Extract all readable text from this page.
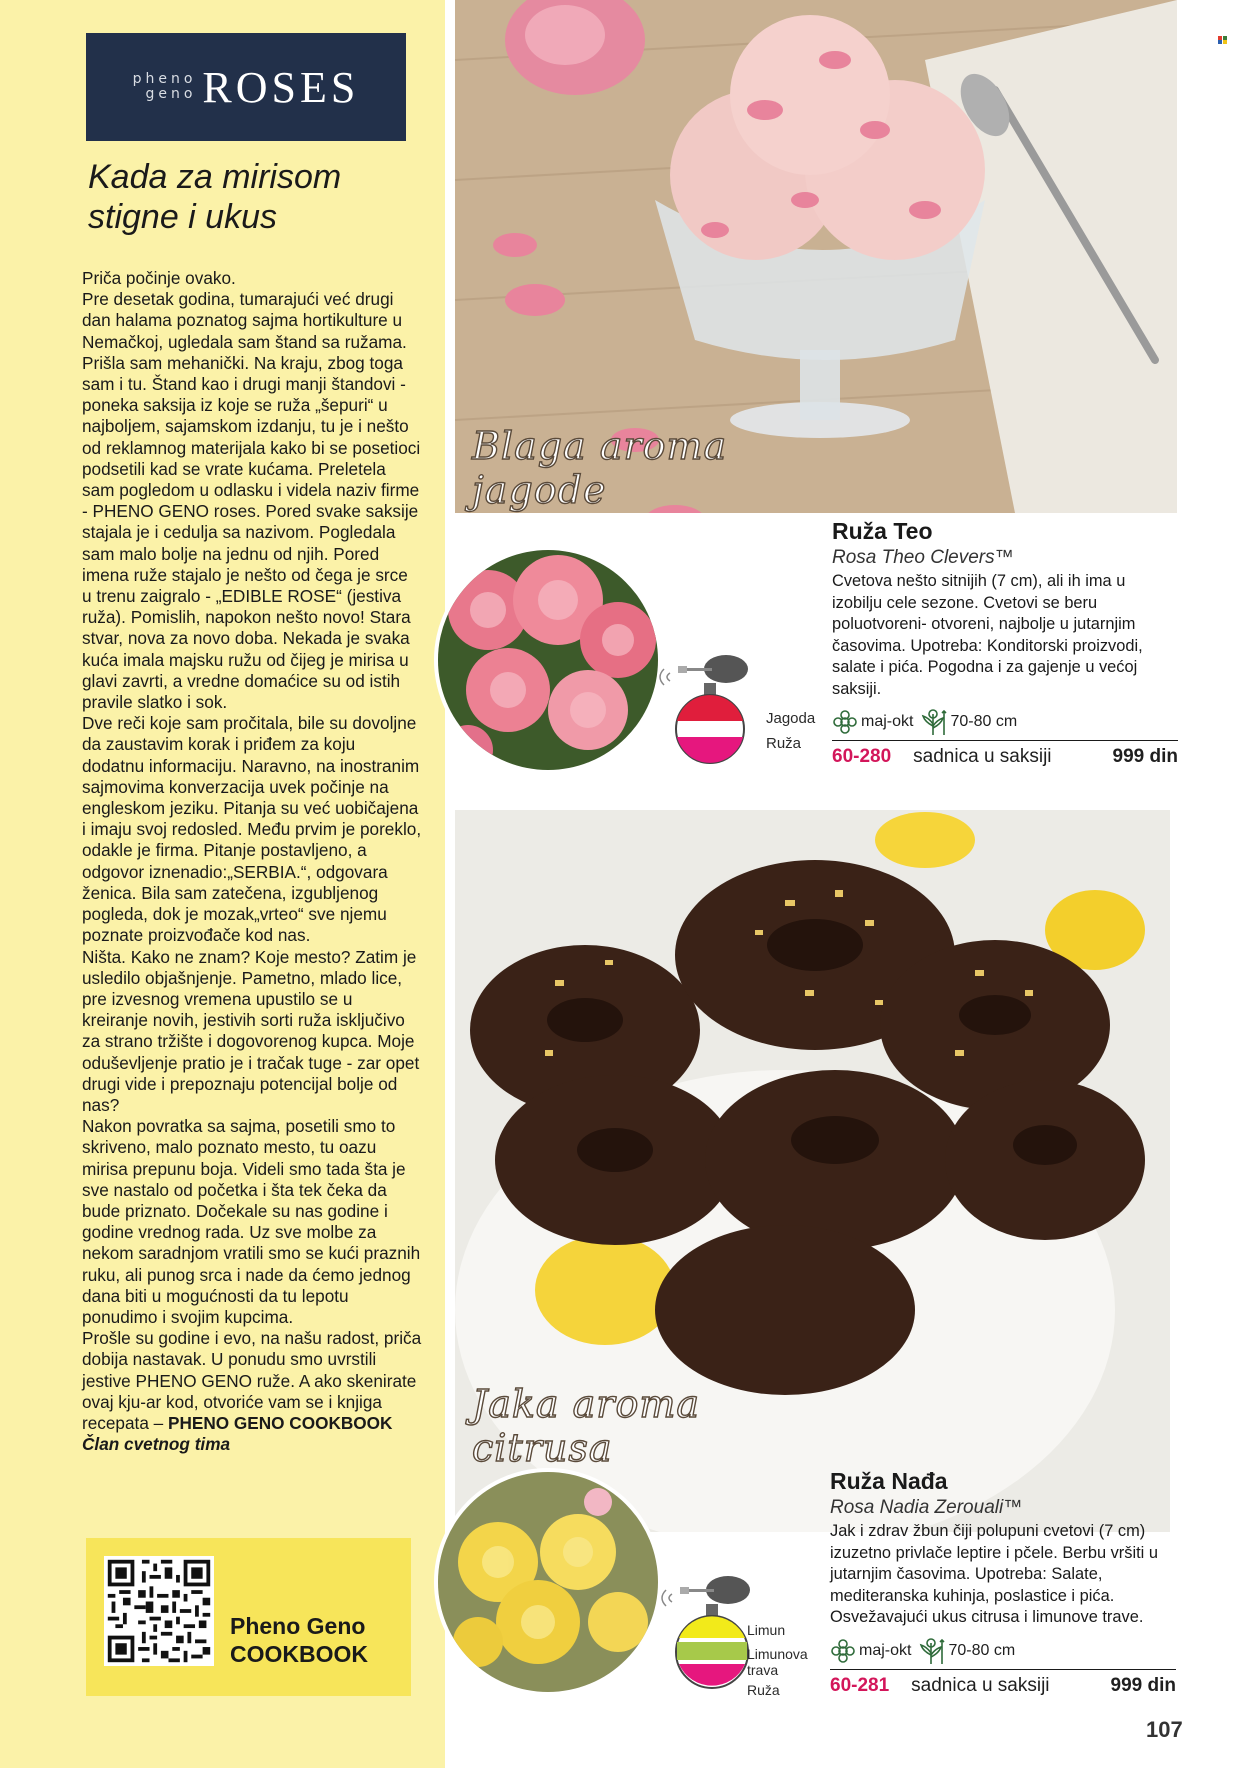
pheno
geno ROSES
Kada za mirisom
stigne i ukus

Priča počinje ovako.

Pre desetak godina, tumarajući već drugi dan halama poznatog sajma hortikulture u Nemačkoj, ugledala sam štand sa ružama. Prišla sam mehanički. Na kraju, zbog toga sam i tu. Štand kao i drugi manji štandovi - poneka saksija iz koje se ruža „šepuri“ u najboljem, sajamskom izdanju, tu je i nešto od reklamnog materijala kako bi se posetioci podsetili kad se vrate kućama. Preletela sam pogledom u odlasku i videla naziv firme - PHENO GENO roses. Pored svake saksije stajala je i cedulja sa nazivom. Pogledala sam malo bolje na jednu od njih. Pored imena ruže stajalo je nešto od čega je srce u trenu zaigralo - „EDIBLE ROSE“ (jestiva ruža). Pomislih, napokon nešto novo! Stara stvar, nova za novo doba. Nekada je svaka kuća imala majsku ružu od čijeg je mirisa u glavi zavrti, a vredne domaćice su od istih pravile slatko i sok.

Dve reči koje sam pročitala, bile su dovoljne da zaustavim korak i priđem za koju dodatnu informaciju. Naravno, na inostranim sajmovima konverzacija uvek počinje na engleskom jeziku. Pitanja su već uobičajena i imaju svoj redosled. Među prvim je poreklo, odakle je firma. Pitanje postavljeno, a odgovor iznenadio:„SERBIA.“, odgovara ženica. Bila sam zatečena, izgubljenog pogleda, dok je mozak„vrteo“ sve njemu poznate proizvođače kod nas.

Ništa. Kako ne znam? Koje mesto? Zatim je usledilo objašnjenje. Pametno, mlado lice, pre izvesnog vremena upustilo se u kreiranje novih, jestivih sorti ruža isključivo za strano tržište i dogovorenog kupca. Moje oduševljenje pratio je i tračak tuge - zar opet drugi vide i prepoznaju potencijal bolje od nas?

Nakon povratka sa sajma, posetili smo to skriveno, malo poznato mesto, tu oazu mirisa prepunu boja. Videli smo tada šta je sve nastalo od početka i šta tek čeka da bude priznato. Dočekale su nas godine i godine vrednog rada. Uz sve molbe za nekom saradnjom vratili smo se kući praznih ruku, ali punog srca i nade da ćemo jednog dana biti u mogućnosti da tu lepotu ponudimo i svojim kupcima.

Prošle su godine i evo, na našu radost, priča dobija nastavak. U ponudu smo uvrstili jestive PHENO GENO ruže. A ako skenirate ovaj kju-ar kod, otvoriće vam se i knjiga recepata – PHENO GENO COOKBOOK

Član cvetnog tima

Pheno Geno
COOKBOOK
Blaga aroma
jagode
Jaka aroma
citrusa
Jagoda
Ruža
Limun
Limunova trava
Ruža
Ruža Teo
Rosa Theo Clevers™
Cvetova nešto sitnijih (7 cm), ali ih ima u izobilju cele sezone. Cvetovi se beru poluotvoreni- otvoreni, najbolje u jutarnjim časovima. Upotreba: Konditorski proizvodi, salate i pića. Pogodna i za gajenje u većoj saksiji.
maj-okt 70-80 cm
60-280 sadnica u saksiji	999 din
Ruža Nađa
Rosa Nadia Zerouali™
Jak i zdrav žbun čiji polupuni cvetovi (7 cm) izuzetno privlače leptire i pčele. Berbu vršiti u jutarnjim časovima. Upotreba: Salate, mediteranska kuhinja, poslastice i pića. Osvežavajući ukus citrusa i limunove trave.
maj-okt 70-80 cm
60-281 sadnica u saksiji	999 din
107
